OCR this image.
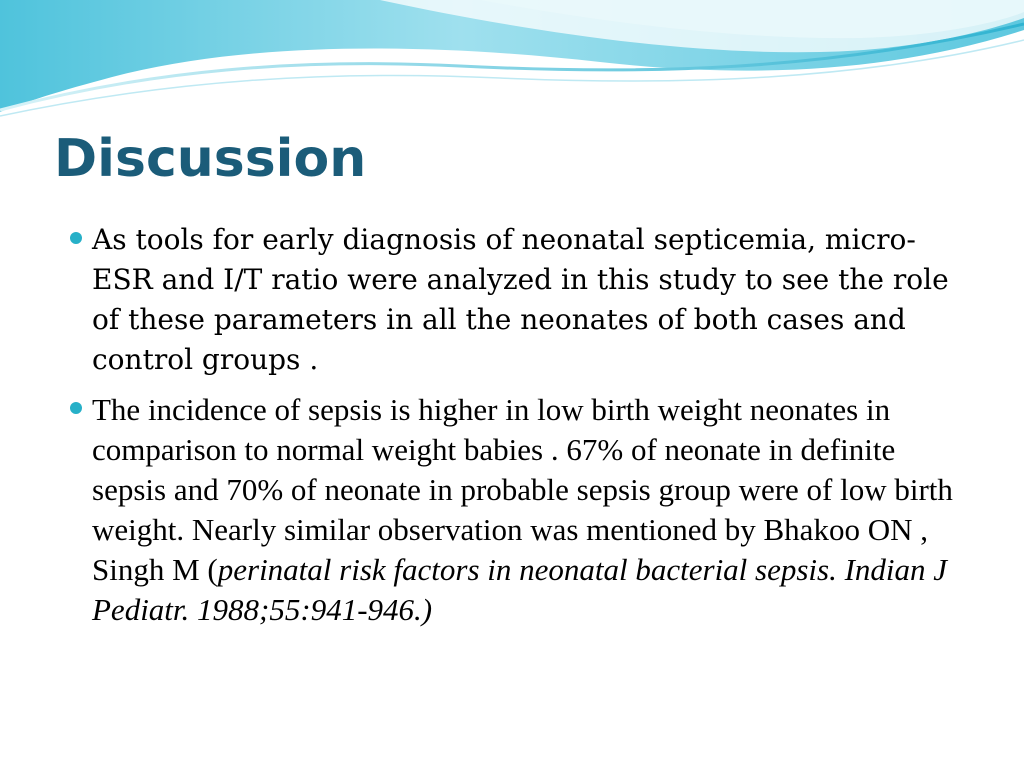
Discussion

As tools for early diagnosis of neonatal septicemia, micro-ESR and I/T ratio were analyzed in this study to see the role of these parameters in all the neonates of both cases and control groups .

The incidence of sepsis is higher in low birth weight neonates in comparison to normal weight babies . 67% of neonate in definite sepsis and 70% of neonate in probable sepsis group were of low birth weight. Nearly similar observation was mentioned by Bhakoo ON , Singh M (perinatal risk factors in neonatal bacterial sepsis. Indian J Pediatr. 1988;55:941-946.)
